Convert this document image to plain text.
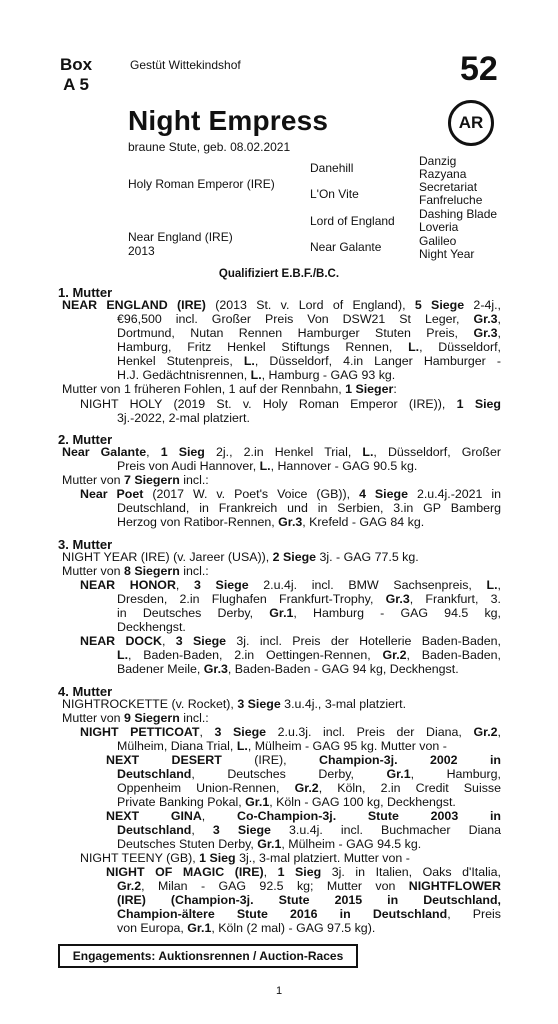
Box
A 5
Gestüt Wittekindshof	52
AR
Night Empress
braune Stute, geb. 08.02.2021
Holy Roman Emperor (IRE)
Near England (IRE)
2013
Danehill
L'On Vite
Lord of England
Near Galante
Danzig
Razyana
Secretariat
Fanfreluche
Dashing Blade
Loveria
Galileo
Night Year
Qualifiziert E.B.F./B.C.
1. Mutter
NEAR ENGLAND (IRE) (2013 St. v. Lord of England), 5 Siege 2-4j.,
€96,500 incl. Großer Preis Von DSW21 St Leger, Gr.3,
Dortmund, Nutan Rennen Hamburger Stuten Preis, Gr.3,
Hamburg, Fritz Henkel Stiftungs Rennen, L., Düsseldorf,
Henkel Stutenpreis, L., Düsseldorf, 4.in Langer Hamburger -
H.J. Gedächtnisrennen, L., Hamburg - GAG 93 kg.
Mutter von 1 früheren Fohlen, 1 auf der Rennbahn, 1 Sieger:
NIGHT HOLY (2019 St. v. Holy Roman Emperor (IRE)), 1 Sieg
3j.-2022, 2-mal platziert.
2. Mutter
Near Galante, 1 Sieg 2j., 2.in Henkel Trial, L., Düsseldorf, Großer
Preis von Audi Hannover, L., Hannover - GAG 90.5 kg.
Mutter von 7 Siegern incl.:
Near Poet (2017 W. v. Poet's Voice (GB)), 4 Siege 2.u.4j.-2021 in
Deutschland, in Frankreich und in Serbien, 3.in GP Bamberg
Herzog von Ratibor-Rennen, Gr.3, Krefeld - GAG 84 kg.
3. Mutter
NIGHT YEAR (IRE) (v. Jareer (USA)), 2 Siege 3j. - GAG 77.5 kg.
Mutter von 8 Siegern incl.:
NEAR HONOR, 3 Siege 2.u.4j. incl. BMW Sachsenpreis, L.,
Dresden, 2.in Flughafen Frankfurt-Trophy, Gr.3, Frankfurt, 3.
in Deutsches Derby, Gr.1, Hamburg - GAG 94.5 kg,
Deckhengst.
NEAR DOCK, 3 Siege 3j. incl. Preis der Hotellerie Baden-Baden,
L., Baden-Baden, 2.in Oettingen-Rennen, Gr.2, Baden-Baden,
Badener Meile, Gr.3, Baden-Baden - GAG 94 kg, Deckhengst.
4. Mutter
NIGHTROCKETTE (v. Rocket), 3 Siege 3.u.4j., 3-mal platziert.
Mutter von 9 Siegern incl.:
NIGHT PETTICOAT, 3 Siege 2.u.3j. incl. Preis der Diana, Gr.2,
Mülheim, Diana Trial, L., Mülheim - GAG 95 kg. Mutter von -
NEXT DESERT (IRE), Champion-3j. 2002 in
Deutschland, Deutsches Derby, Gr.1, Hamburg,
Oppenheim Union-Rennen, Gr.2, Köln, 2.in Credit Suisse
Private Banking Pokal, Gr.1, Köln - GAG 100 kg, Deckhengst.
NEXT GINA, Co-Champion-3j. Stute 2003 in
Deutschland, 3 Siege 3.u.4j. incl. Buchmacher Diana
Deutsches Stuten Derby, Gr.1, Mülheim - GAG 94.5 kg.
NIGHT TEENY (GB), 1 Sieg 3j., 3-mal platziert. Mutter von -
NIGHT OF MAGIC (IRE), 1 Sieg 3j. in Italien, Oaks d'Italia,
Gr.2, Milan - GAG 92.5 kg; Mutter von NIGHTFLOWER
(IRE) (Champion-3j. Stute 2015 in Deutschland,
Champion-ältere Stute 2016 in Deutschland, Preis
von Europa, Gr.1, Köln (2 mal) - GAG 97.5 kg).
Engagements: Auktionsrennen / Auction-Races
1
